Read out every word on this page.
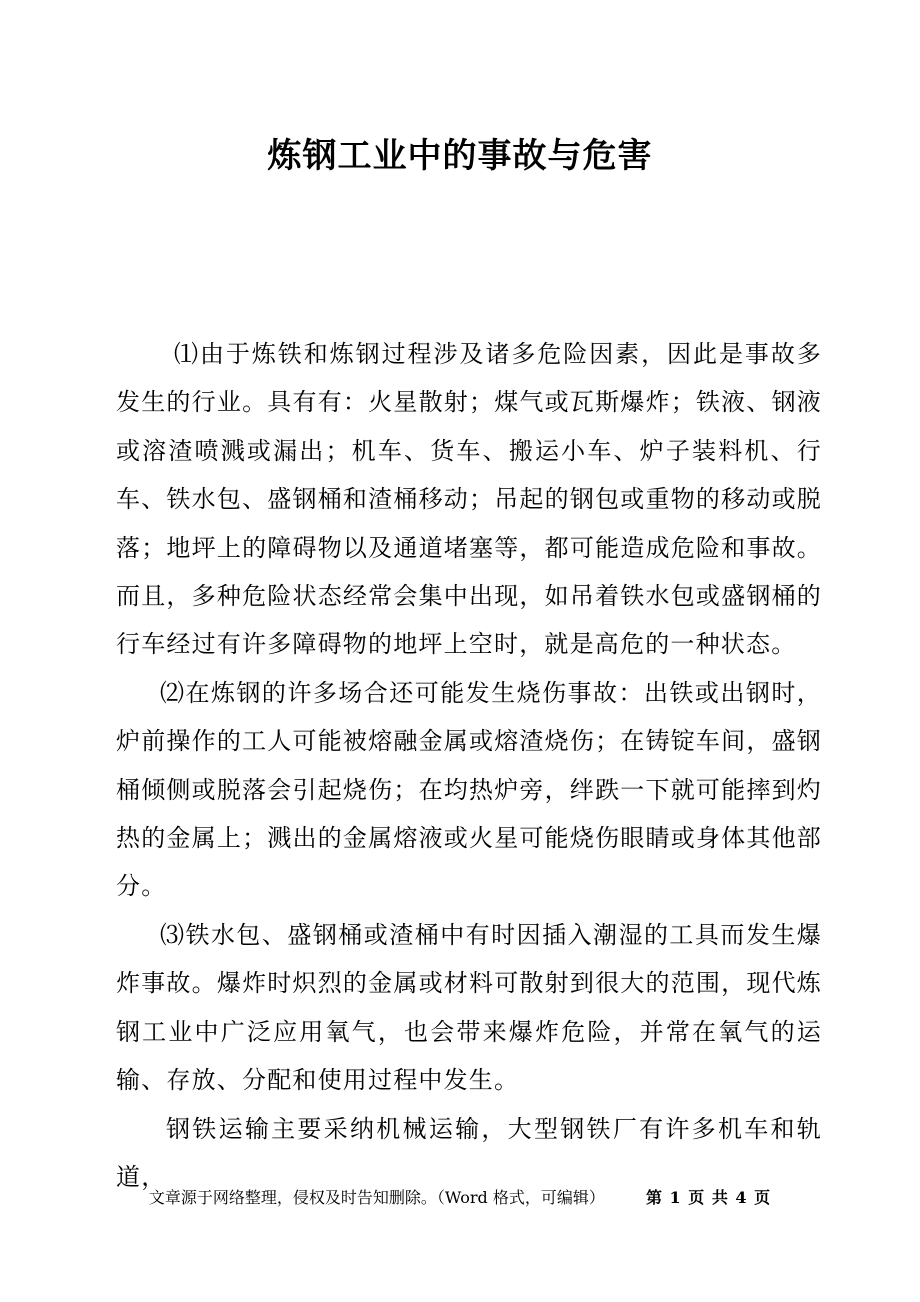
炼钢工业中的事故与危害

⑴由于炼铁和炼钢过程涉及诸多危险因素，因此是事故多发生的行业。具有有：火星散射；煤气或瓦斯爆炸；铁液、钢液或溶渣喷溅或漏出；机车、货车、搬运小车、炉子装料机、行车、铁水包、盛钢桶和渣桶移动；吊起的钢包或重物的移动或脱落；地坪上的障碍物以及通道堵塞等，都可能造成危险和事故。而且，多种危险状态经常会集中出现，如吊着铁水包或盛钢桶的行车经过有许多障碍物的地坪上空时，就是高危的一种状态。

⑵在炼钢的许多场合还可能发生烧伤事故：出铁或出钢时，炉前操作的工人可能被熔融金属或熔渣烧伤；在铸锭车间，盛钢桶倾侧或脱落会引起烧伤；在均热炉旁，绊跌一下就可能摔到灼热的金属上；溅出的金属熔液或火星可能烧伤眼睛或身体其他部分。

⑶铁水包、盛钢桶或渣桶中有时因插入潮湿的工具而发生爆炸事故。爆炸时炽烈的金属或材料可散射到很大的范围，现代炼钢工业中广泛应用氧气，也会带来爆炸危险，并常在氧气的运输、存放、分配和使用过程中发生。

钢铁运输主要采纳机械运输，大型钢铁厂有许多机车和轨道，

文章源于网络整理，侵权及时告知删除。（Word 格式，可编辑）	第 1 页 共 4 页
